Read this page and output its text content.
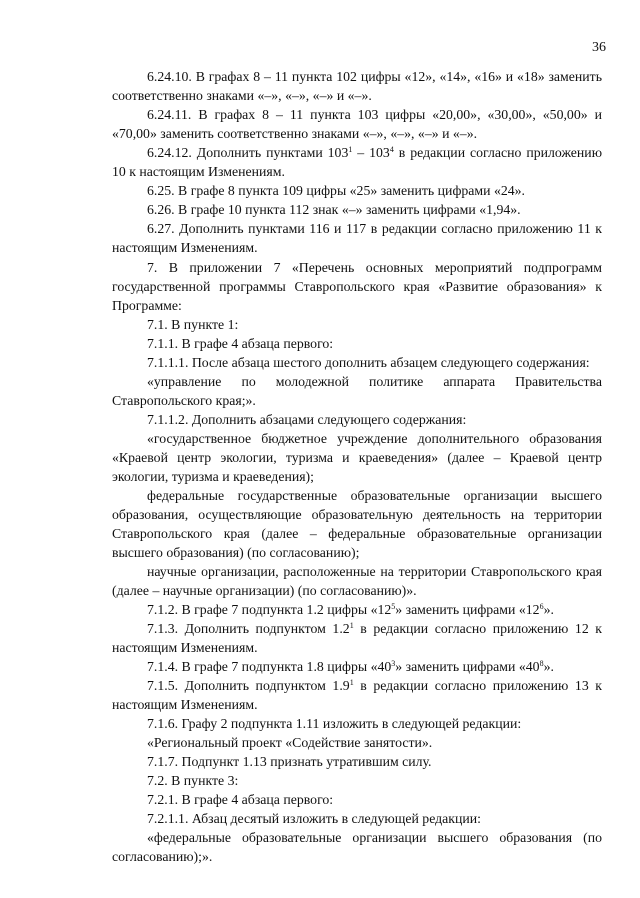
36

6.24.10. В графах 8 – 11 пункта 102 цифры «12», «14», «16» и «18» заменить соответственно знаками «–», «–», «–» и «–».

6.24.11. В графах 8 – 11 пункта 103 цифры «20,00», «30,00», «50,00» и «70,00» заменить соответственно знаками «–», «–», «–» и «–».

6.24.12. Дополнить пунктами $103^1 - 103^4$ в редакции согласно приложению 10 к настоящим Изменениям.

6.25. В графе 8 пункта 109 цифры «25» заменить цифрами «24».

6.26. В графе 10 пункта 112 знак «–» заменить цифрами «1,94».

6.27. Дополнить пунктами 116 и 117 в редакции согласно приложению 11 к настоящим Изменениям.

7. В приложении 7 «Перечень основных мероприятий подпрограмм государственной программы Ставропольского края «Развитие образования» к Программе:

7.1. В пункте 1:

7.1.1. В графе 4 абзаца первого:

7.1.1.1. После абзаца шестого дополнить абзацем следующего содержания:

«управление по молодежной политике аппарата Правительства Ставропольского края;».

7.1.1.2. Дополнить абзацами следующего содержания:

«государственное бюджетное учреждение дополнительного образования «Краевой центр экологии, туризма и краеведения» (далее – Краевой центр экологии, туризма и краеведения);

федеральные государственные образовательные организации высшего образования, осуществляющие образовательную деятельность на территории Ставропольского края (далее – федеральные образовательные организации высшего образования) (по согласованию);

научные организации, расположенные на территории Ставропольского края (далее – научные организации) (по согласованию)».

7.1.2. В графе 7 подпункта 1.2 цифры «$12^5$» заменить цифрами «$12^6$».

7.1.3. Дополнить подпунктом $1.2^1$ в редакции согласно приложению 12 к настоящим Изменениям.

7.1.4. В графе 7 подпункта 1.8 цифры «$40^3$» заменить цифрами «$40^8$».

7.1.5. Дополнить подпунктом $1.9^1$ в редакции согласно приложению 13 к настоящим Изменениям.

7.1.6. Графу 2 подпункта 1.11 изложить в следующей редакции:

«Региональный проект «Содействие занятости».

7.1.7. Подпункт 1.13 признать утратившим силу.

7.2. В пункте 3:

7.2.1. В графе 4 абзаца первого:

7.2.1.1. Абзац десятый изложить в следующей редакции:

«федеральные образовательные организации высшего образования (по согласованию);».
